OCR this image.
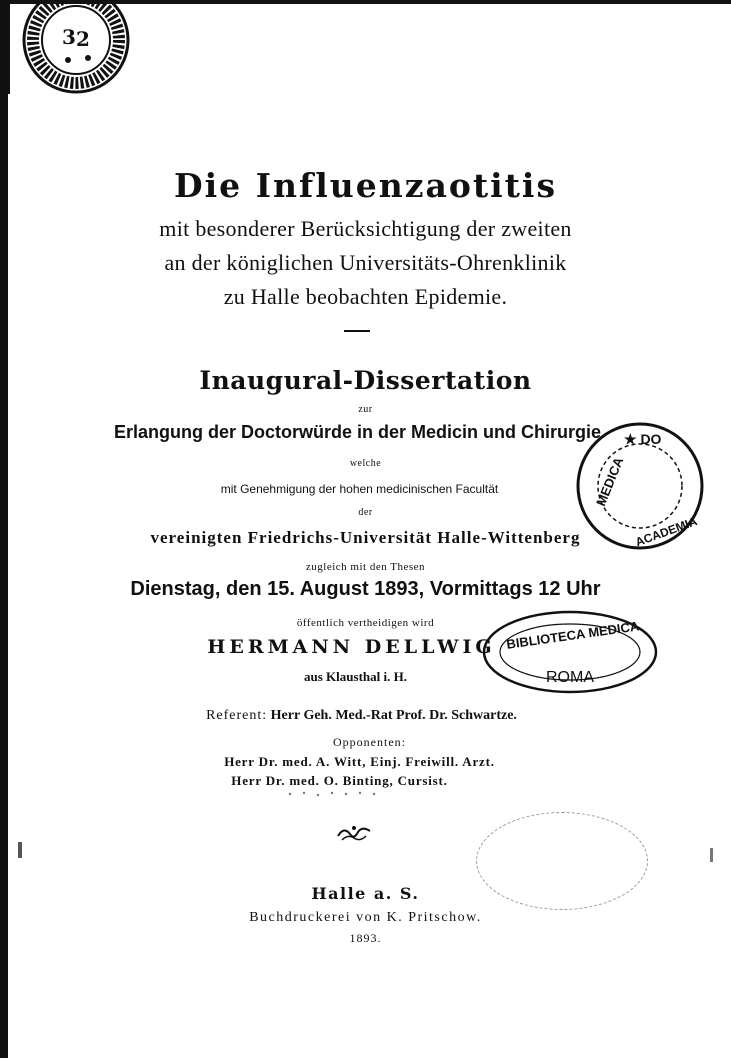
3 2
Die Influenzaotitis
mit besonderer Berücksichtigung der zweiten
an der königlichen Universitäts-Ohrenklinik
zu Halle beobachten Epidemie.
Inaugural-Dissertation
zur
Erlangung der Doctorwürde in der Medicin und Chirurgie
welche
mit Genehmigung der hohen medicinischen Facultät
der
vereinigten Friedrichs-Universität Halle-Wittenberg
zugleich mit den Thesen
Dienstag, den 15. August 1893, Vormittags 12 Uhr
öffentlich vertheidigen wird
HERMANN DELLWIG
aus Klausthal i. H.
Referent: Herr Geh. Med.-Rat Prof. Dr. Schwartze.
Opponenten:
Herr Dr. med. A. Witt, Einj. Freiwill. Arzt.
Herr Dr. med. O. Binting, Cursist.
Halle a. S.
Buchdruckerei von K. Pritschow.
1893.
★ DO
MEDICA
ACADEMIA
BIBLIOTECA MEDICA
ROMA
